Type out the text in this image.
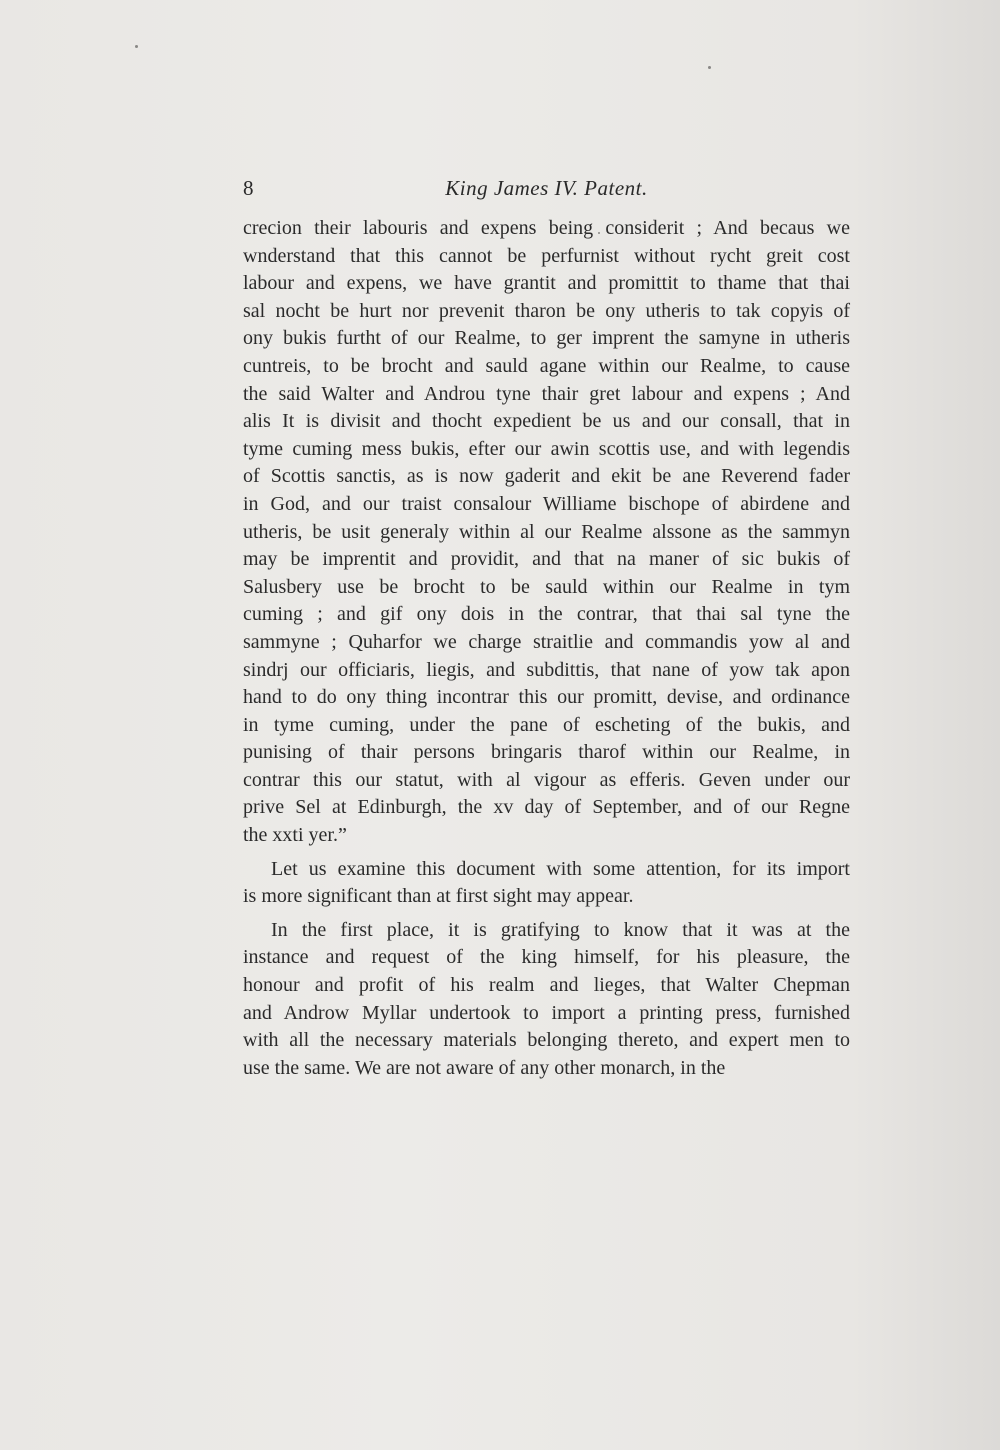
8	King James IV. Patent.
crecion their labouris and expens being considerit ; And becaus we
wnderstand that this cannot be perfurnist without rycht greit cost
labour and expens, we have grantit and promittit to thame that thai
sal nocht be hurt nor prevenit tharon be ony utheris to tak copyis of
ony bukis furtht of our Realme, to ger imprent the samyne in utheris
cuntreis, to be brocht and sauld agane within our Realme, to cause
the said Walter and Androu tyne thair gret labour and expens ; And
alis It is divisit and thocht expedient be us and our consall, that in
tyme cuming mess bukis, efter our awin scottis use, and with legendis
of Scottis sanctis, as is now gaderit and ekit be ane Reverend fader
in God, and our traist consalour Williame bischope of abirdene and
utheris, be usit generaly within al our Realme alssone as the sammyn
may be imprentit and providit, and that na maner of sic bukis of
Salusbery use be brocht to be sauld within our Realme in tym
cuming ; and gif ony dois in the contrar, that thai sal tyne the
sammyne ; Quharfor we charge straitlie and commandis yow al and
sindrj our officiaris, liegis, and subdittis, that nane of yow tak apon
hand to do ony thing incontrar this our promitt, devise, and ordinance
in tyme cuming, under the pane of escheting of the bukis, and
punising of thair persons bringaris tharof within our Realme, in
contrar this our statut, with al vigour as efferis. Geven under our
prive Sel at Edinburgh, the xv day of September, and of our Regne
the xxti yer.”
Let us examine this document with some attention, for its import
is more significant than at first sight may appear.
In the first place, it is gratifying to know that it was at the
instance and request of the king himself, for his pleasure, the
honour and profit of his realm and lieges, that Walter Chepman
and Androw Myllar undertook to import a printing press, furnished
with all the necessary materials belonging thereto, and expert men to
use the same. We are not aware of any other monarch, in the
